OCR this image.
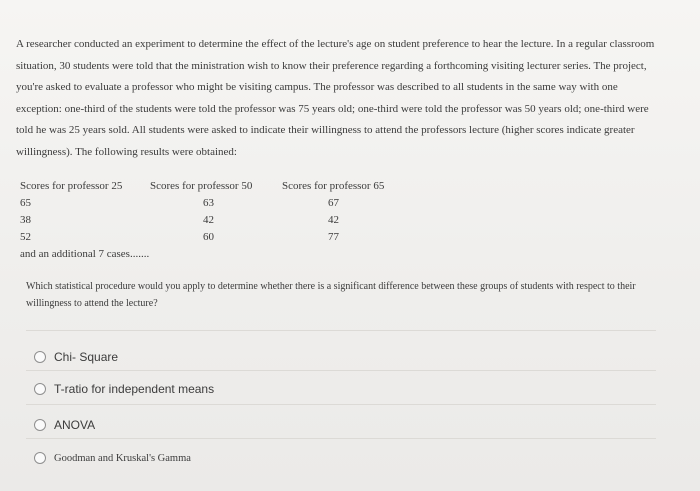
A researcher conducted an experiment to determine the effect of the lecture's age on student preference to hear the lecture. In a regular classroom situation, 30 students were told that the ministration wish to know their preference regarding a forthcoming visiting lecturer series. The project, you're asked to evaluate a professor who might be visiting campus. The professor was described to all students in the same way with one exception: one-third of the students were told the professor was 75 years old; one-third were told the professor was 50 years old; one-third were told he was 25 years sold. All students were asked to indicate their willingness to attend the professors lecture (higher scores indicate greater willingness). The following results were obtained:
Scores for professor 25	Scores for professor 50	Scores for professor 65
65	63	67
38	42	42
52	60	77
and an additional 7 cases.......
Which statistical procedure would you apply to determine whether there is a significant difference between these groups of students with respect to their willingness to attend the lecture?
Chi- Square
T-ratio for independent means
ANOVA
Goodman and Kruskal's Gamma
